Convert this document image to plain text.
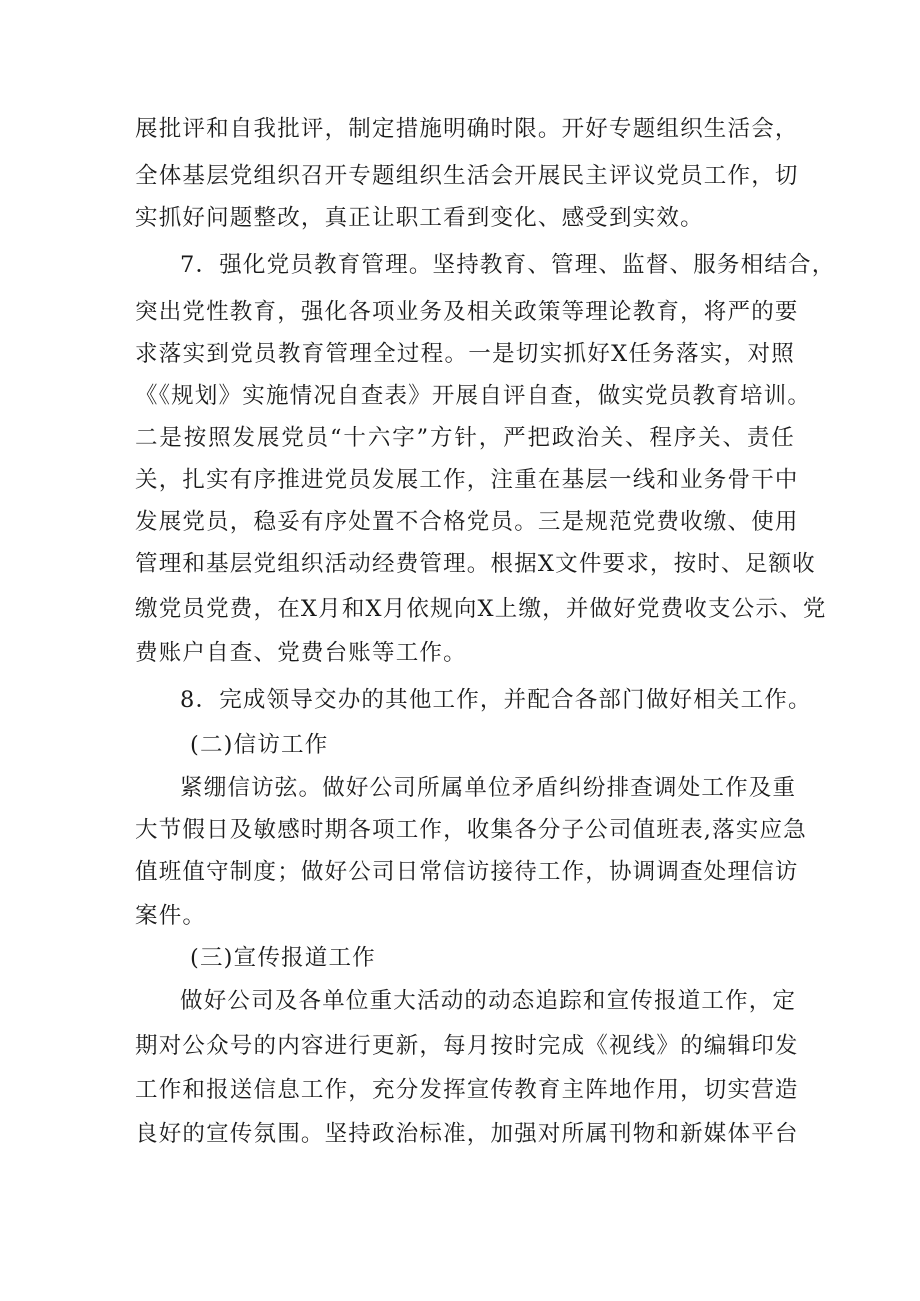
展批评和自我批评，制定措施明确时限。开好专题组织生活会，
全体基层党组织召开专题组织生活会开展民主评议党员工作，切
实抓好问题整改，真正让职工看到变化、感受到实效。
7．强化党员教育管理。坚持教育、管理、监督、服务相结合，
突出党性教育，强化各项业务及相关政策等理论教育，将严的要
求落实到党员教育管理全过程。一是切实抓好X任务落实，对照
《《规划》实施情况自查表》开展自评自查，做实党员教育培训。
二是按照发展党员“十六字”方针，严把政治关、程序关、责任
关，扎实有序推进党员发展工作，注重在基层一线和业务骨干中
发展党员，稳妥有序处置不合格党员。三是规范党费收缴、使用
管理和基层党组织活动经费管理。根据X文件要求，按时、足额收
缴党员党费，在X月和X月依规向X上缴，并做好党费收支公示、党
费账户自查、党费台账等工作。
8．完成领导交办的其他工作，并配合各部门做好相关工作。
(二)信访工作
紧绷信访弦。做好公司所属单位矛盾纠纷排查调处工作及重
大节假日及敏感时期各项工作，收集各分子公司值班表,落实应急
值班值守制度；做好公司日常信访接待工作，协调调查处理信访
案件。
(三)宣传报道工作
做好公司及各单位重大活动的动态追踪和宣传报道工作，定
期对公众号的内容进行更新，每月按时完成《视线》的编辑印发
工作和报送信息工作，充分发挥宣传教育主阵地作用，切实营造
良好的宣传氛围。坚持政治标准，加强对所属刊物和新媒体平台
